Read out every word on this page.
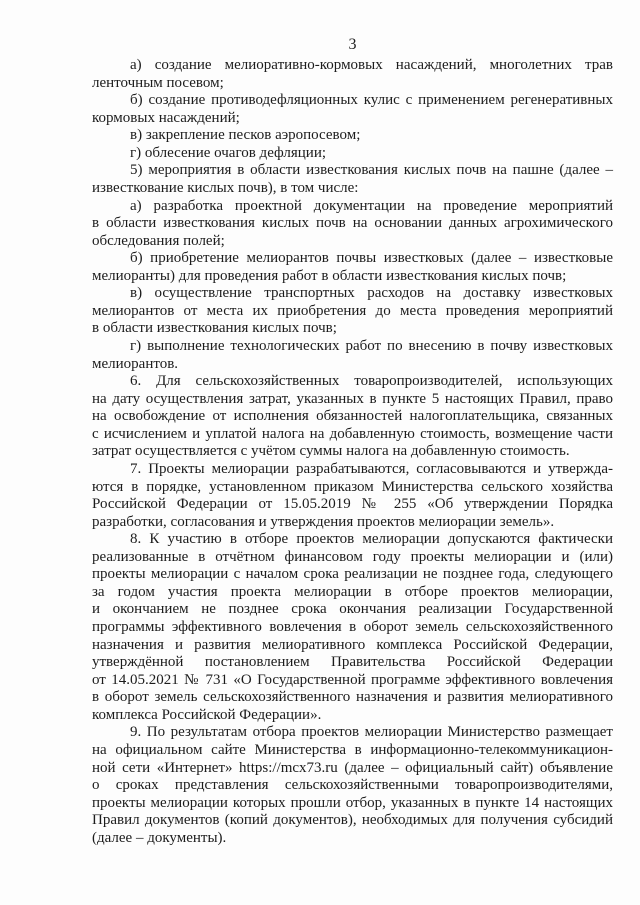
3
а) создание мелиоративно-кормовых насаждений, многолетних трав
ленточным посевом;
б) создание противодефляционных кулис с применением регенеративных
кормовых насаждений;
в) закрепление песков аэропосевом;
г) облесение очагов дефляции;
5) мероприятия в области известкования кислых почв на пашне (далее –
известкование кислых почв), в том числе:
а) разработка проектной документации на проведение мероприятий
в области известкования кислых почв на основании данных агрохимического
обследования полей;
б) приобретение мелиорантов почвы известковых (далее – известковые
мелиоранты) для проведения работ в области известкования кислых почв;
в) осуществление транспортных расходов на доставку известковых
мелиорантов от места их приобретения до места проведения мероприятий
в области известкования кислых почв;
г) выполнение технологических работ по внесению в почву известковых
мелиорантов.
6. Для сельскохозяйственных товаропроизводителей, использующих
на дату осуществления затрат, указанных в пункте 5 настоящих Правил, право
на освобождение от исполнения обязанностей налогоплательщика, связанных
с исчислением и уплатой налога на добавленную стоимость, возмещение части
затрат осуществляется с учётом суммы налога на добавленную стоимость.
7. Проекты мелиорации разрабатываются, согласовываются и утвержда-
ются в порядке, установленном приказом Министерства сельского хозяйства
Российской Федерации от 15.05.2019 № 255 «Об утверждении Порядка
разработки, согласования и утверждения проектов мелиорации земель».
8. К участию в отборе проектов мелиорации допускаются фактически
реализованные в отчётном финансовом году проекты мелиорации и (или)
проекты мелиорации с началом срока реализации не позднее года, следующего
за годом участия проекта мелиорации в отборе проектов мелиорации,
и окончанием не позднее срока окончания реализации Государственной
программы эффективного вовлечения в оборот земель сельскохозяйственного
назначения и развития мелиоративного комплекса Российской Федерации,
утверждённой постановлением Правительства Российской Федерации
от 14.05.2021 № 731 «О Государственной программе эффективного вовлечения
в оборот земель сельскохозяйственного назначения и развития мелиоративного
комплекса Российской Федерации».
9. По результатам отбора проектов мелиорации Министерство размещает
на официальном сайте Министерства в информационно-телекоммуникацион-
ной сети «Интернет» https://mcx73.ru (далее – официальный сайт) объявление
о сроках представления сельскохозяйственными товаропроизводителями,
проекты мелиорации которых прошли отбор, указанных в пункте 14 настоящих
Правил документов (копий документов), необходимых для получения субсидий
(далее – документы).
